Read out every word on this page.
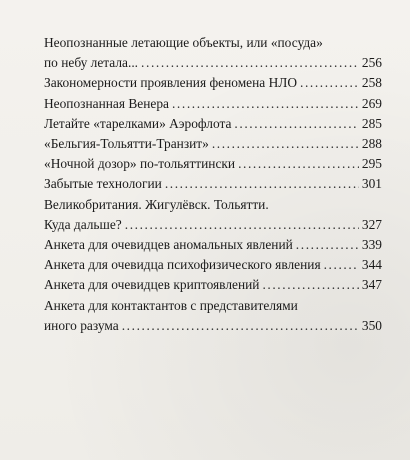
Неопознанные летающие объекты, или «посуда»
по небу летала... .....	256
Закономерности проявления феномена НЛО .....	258
Неопознанная Венера .....	269
Летайте «тарелками» Аэрофлота .....	285
«Бельгия-Тольятти-Транзит» .....	288
«Ночной дозор» по-тольяттински .....	295
Забытые технологии .....	301
Великобритания. Жигулёвск. Тольятти.
Куда дальше? .....	327
Анкета для очевидцев аномальных явлений .....	339
Анкета для очевидца психофизического явления .....	344
Анкета для очевидцев криптоявлений .....	347
Анкета для контактантов с представителями
иного разума .....	350
